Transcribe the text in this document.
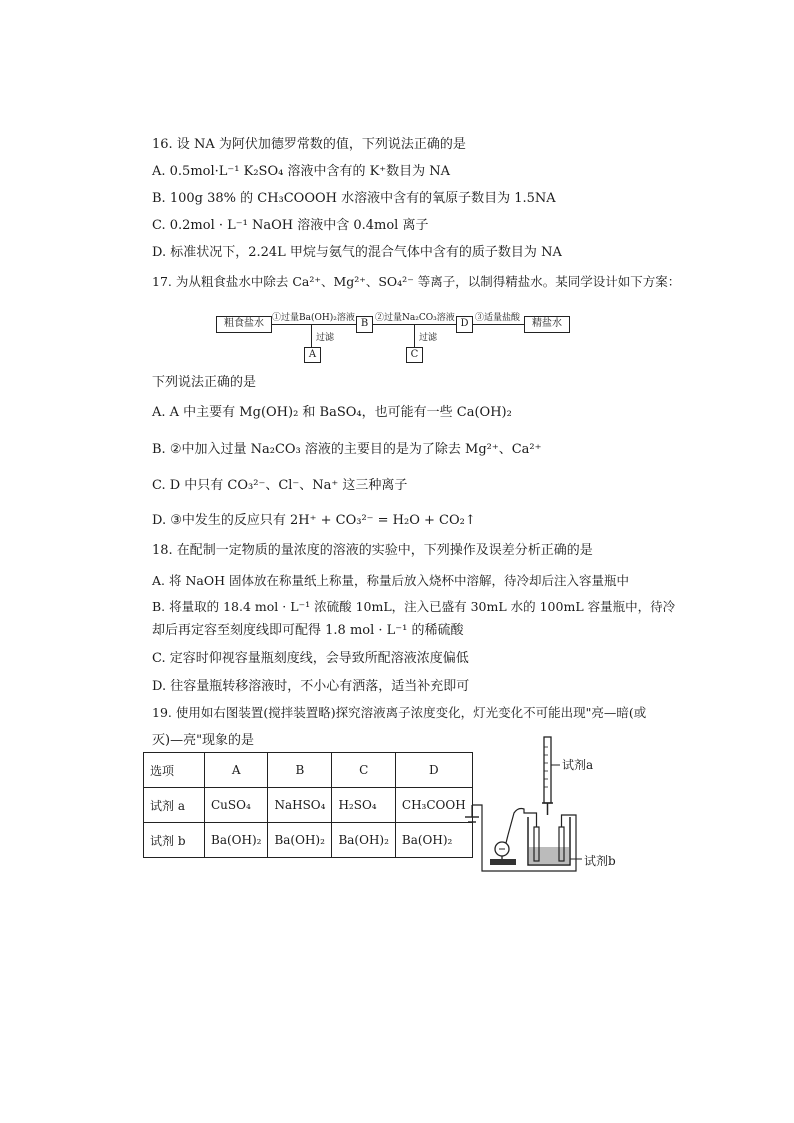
16. 设 NA 为阿伏加德罗常数的值，下列说法正确的是
A. 0.5mol·L⁻¹ K₂SO₄ 溶液中含有的 K⁺数目为 NA
B. 100g 38% 的 CH₃COOOH 水溶液中含有的氧原子数目为 1.5NA
C. 0.2mol · L⁻¹ NaOH 溶液中含 0.4mol 离子
D. 标准状况下，2.24L 甲烷与氨气的混合气体中含有的质子数目为 NA
17. 为从粗食盐水中除去 Ca²⁺、Mg²⁺、SO₄²⁻ 等离子，以制得精盐水。某同学设计如下方案：
粗食盐水 ①过量Ba(OH)₂溶液
过滤
A
B ②过量Na₂CO₃溶液
过滤
C
D ③适量盐酸	精盐水
下列说法正确的是
A. A 中主要有 Mg(OH)₂ 和 BaSO₄，也可能有一些 Ca(OH)₂
B. ②中加入过量 Na₂CO₃ 溶液的主要目的是为了除去 Mg²⁺、Ca²⁺
C. D 中只有 CO₃²⁻、Cl⁻、Na⁺ 这三种离子
D. ③中发生的反应只有 2H⁺ + CO₃²⁻ = H₂O + CO₂↑
18. 在配制一定物质的量浓度的溶液的实验中，下列操作及误差分析正确的是
A. 将 NaOH 固体放在称量纸上称量，称量后放入烧杯中溶解，待冷却后注入容量瓶中
B. 将量取的 18.4 mol · L⁻¹ 浓硫酸 10mL，注入已盛有 30mL 水的 100mL 容量瓶中，待冷
却后再定容至刻度线即可配得 1.8 mol · L⁻¹ 的稀硫酸
C. 定容时仰视容量瓶刻度线，会导致所配溶液浓度偏低
D. 往容量瓶转移溶液时，不小心有洒落，适当补充即可
19. 使用如右图装置(搅拌装置略)探究溶液离子浓度变化，灯光变化不可能出现"亮—暗(或
灭)—亮"现象的是
选项	A	B	C	D
试剂 a	CuSO₄	NaHSO₄	H₂SO₄	CH₃COOH
试剂 b	Ba(OH)₂	Ba(OH)₂	Ba(OH)₂	Ba(OH)₂
试剂a
试剂b
